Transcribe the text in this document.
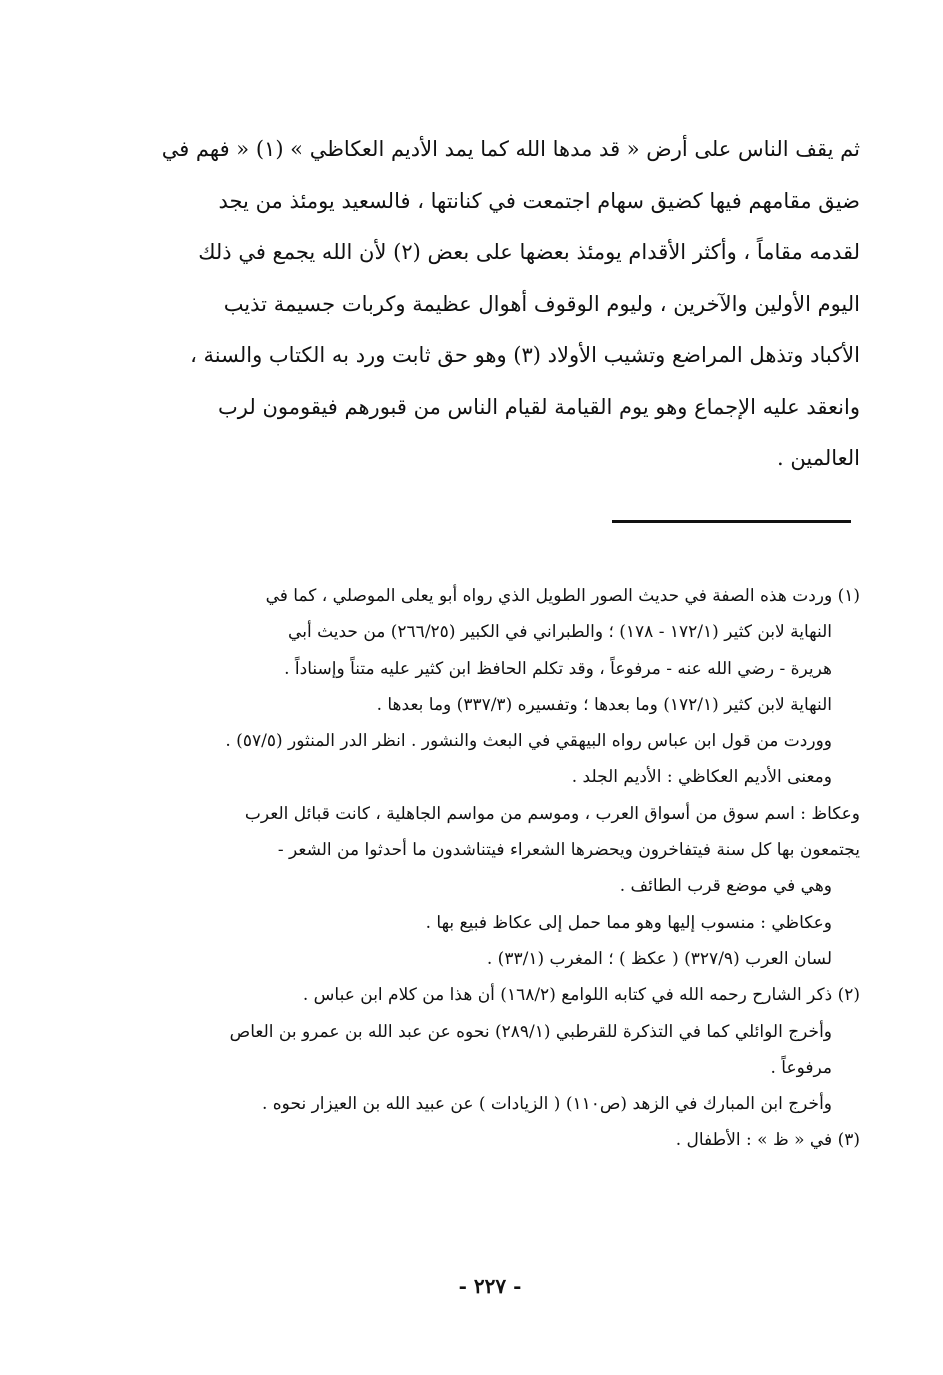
ثم يقف الناس على أرض « قد مدها الله كما يمد الأديم العكاظي » (١) « فهم في

ضيق مقامهم فيها كضيق سهام اجتمعت في كنانتها ، فالسعيد يومئذ من يجد

لقدمه مقاماً ، وأكثر الأقدام يومئذ بعضها على بعض (٢) لأن الله يجمع في ذلك

اليوم الأولين والآخرين ، وليوم الوقوف أهوال عظيمة وكربات جسيمة تذيب

الأكباد وتذهل المراضع وتشيب الأولاد (٣) وهو حق ثابت ورد به الكتاب والسنة ،

وانعقد عليه الإجماع وهو يوم القيامة لقيام الناس من قبورهم فيقومون لرب

العالمين .

(١) وردت هذه الصفة في حديث الصور الطويل الذي رواه أبو يعلى الموصلي ، كما في
النهاية لابن كثير (١٧٢/١ - ١٧٨) ؛ والطبراني في الكبير (٢٦٦/٢٥) من حديث أبي
هريرة - رضي الله عنه - مرفوعاً ، وقد تكلم الحافظ ابن كثير عليه متناً وإسناداً .
النهاية لابن كثير (١٧٢/١) وما بعدها ؛ وتفسيره (٣٣٧/٣) وما بعدها .
ووردت من قول ابن عباس رواه البيهقي في البعث والنشور . انظر الدر المنثور (٥٧/٥) .
ومعنى الأديم العكاظي : الأديم الجلد .
وعكاظ : اسم سوق من أسواق العرب ، وموسم من مواسم الجاهلية ، كانت قبائل العرب
يجتمعون بها كل سنة فيتفاخرون ويحضرها الشعراء فيتناشدون ما أحدثوا من الشعر -
وهي في موضع قرب الطائف .
وعكاظي : منسوب إليها وهو مما حمل إلى عكاظ فبيع بها .
لسان العرب (٣٢٧/٩) ( عكظ ) ؛ المغرب (٣٣/١) .
(٢) ذكر الشارح رحمه الله في كتابه اللوامع (١٦٨/٢) أن هذا من كلام ابن عباس .
وأخرج الوائلي كما في التذكرة للقرطبي (٢٨٩/١) نحوه عن عبد الله بن عمرو بن العاص
مرفوعاً .
وأخرج ابن المبارك في الزهد (ص١١٠) ( الزيادات ) عن عبيد الله بن العيزار نحوه .
(٣) في « ظ » : الأطفال .
- ٢٢٧ -
